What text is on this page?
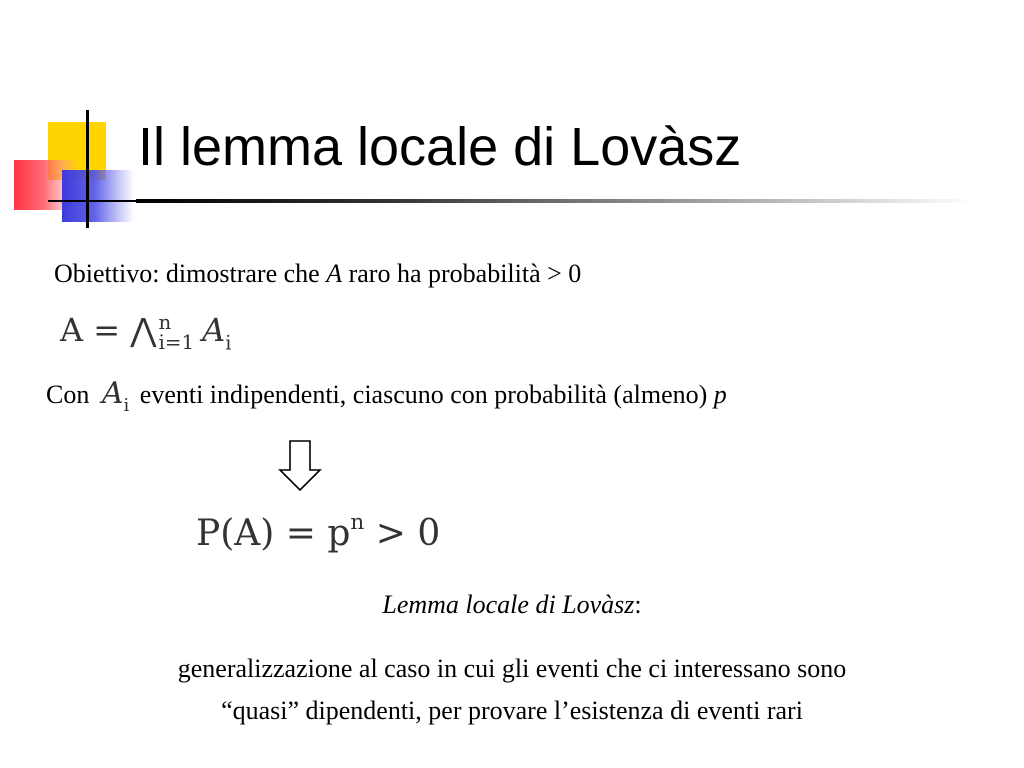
Il lemma locale di Lovàsz
Obiettivo: dimostrare che A raro ha probabilità > 0
A = ⋀ n
i=1 $A_i$
Con $A_i$ eventi indipendenti, ciascuno con probabilità (almeno) p
$P(A) = p^n > 0$
Lemma locale di Lovàsz:
generalizzazione al caso in cui gli eventi che ci interessano sono
“quasi” dipendenti, per provare l’esistenza di eventi rari
